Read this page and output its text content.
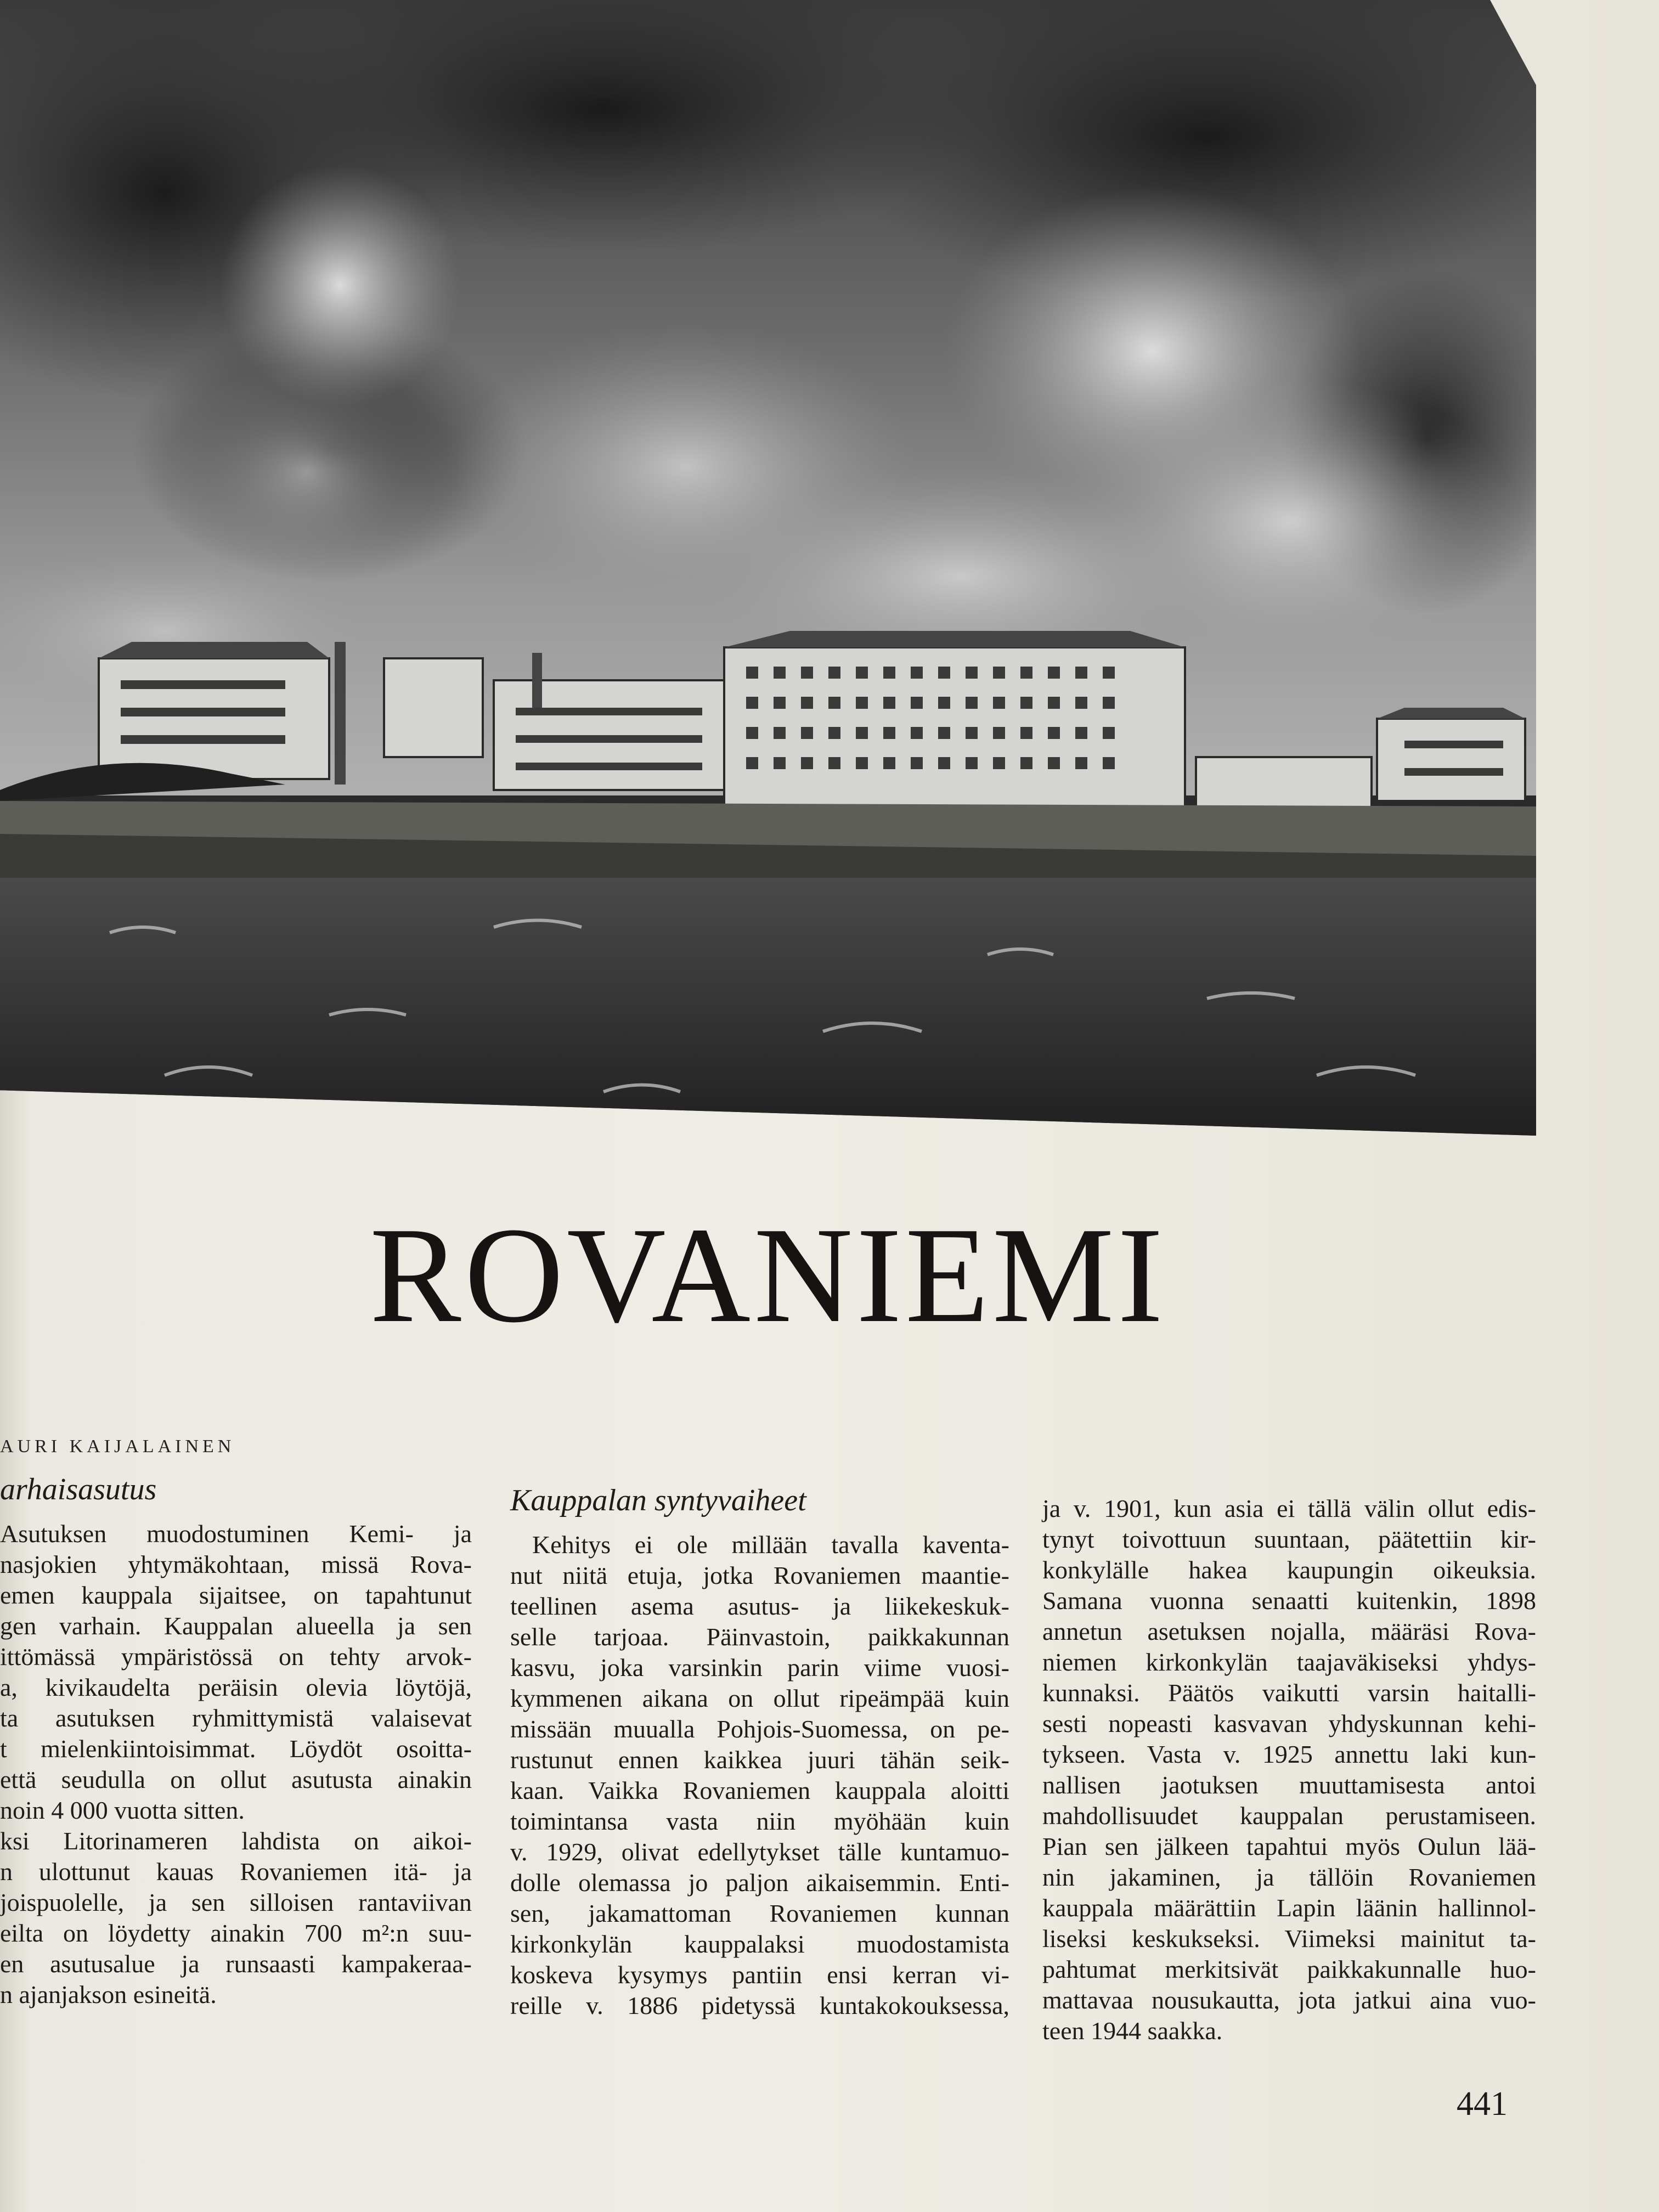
ROVANIEMI
AURI KAIJALAINEN
arhaisasutus

Asutuksen muodostuminen Kemi- ja
nasjokien yhtymäkohtaan, missä Rova-
emen kauppala sijaitsee, on tapahtunut
gen varhain. Kauppalan alueella ja sen
ittömässä ympäristössä on tehty arvok-
a, kivikaudelta peräisin olevia löytöjä,
ta asutuksen ryhmittymistä valaisevat
t mielenkiintoisimmat. Löydöt osoitta-
että seudulla on ollut asutusta ainakin
noin 4 000 vuotta sitten.
ksi Litorinameren lahdista on aikoi-
n ulottunut kauas Rovaniemen itä- ja
joispuolelle, ja sen silloisen rantaviivan
eilta on löydetty ainakin 700 m²:n suu-
en asutusalue ja runsaasti kampakeraa-
n ajanjakson esineitä.

Kauppalan syntyvaiheet

Kehitys ei ole millään tavalla kaventa-
nut niitä etuja, jotka Rovaniemen maantie-
teellinen asema asutus- ja liikekeskuk-
selle tarjoaa. Päinvastoin, paikkakunnan
kasvu, joka varsinkin parin viime vuosi-
kymmenen aikana on ollut ripeämpää kuin
missään muualla Pohjois-Suomessa, on pe-
rustunut ennen kaikkea juuri tähän seik-
kaan. Vaikka Rovaniemen kauppala aloitti
toimintansa vasta niin myöhään kuin
v. 1929, olivat edellytykset tälle kuntamuo-
dolle olemassa jo paljon aikaisemmin. Enti-
sen, jakamattoman Rovaniemen kunnan
kirkonkylän kauppalaksi muodostamista
koskeva kysymys pantiin ensi kerran vi-
reille v. 1886 pidetyssä kuntakokouksessa,

ja v. 1901, kun asia ei tällä välin ollut edis-
tynyt toivottuun suuntaan, päätettiin kir-
konkylälle hakea kaupungin oikeuksia.
Samana vuonna senaatti kuitenkin, 1898
annetun asetuksen nojalla, määräsi Rova-
niemen kirkonkylän taajaväkiseksi yhdys-
kunnaksi. Päätös vaikutti varsin haitalli-
sesti nopeasti kasvavan yhdyskunnan kehi-
tykseen. Vasta v. 1925 annettu laki kun-
nallisen jaotuksen muuttamisesta antoi
mahdollisuudet kauppalan perustamiseen.
Pian sen jälkeen tapahtui myös Oulun lää-
nin jakaminen, ja tällöin Rovaniemen
kauppala määrättiin Lapin läänin hallinnol-
liseksi keskukseksi. Viimeksi mainitut ta-
pahtumat merkitsivät paikkakunnalle huo-
mattavaa nousukautta, jota jatkui aina vuo-
teen 1944 saakka.

441
